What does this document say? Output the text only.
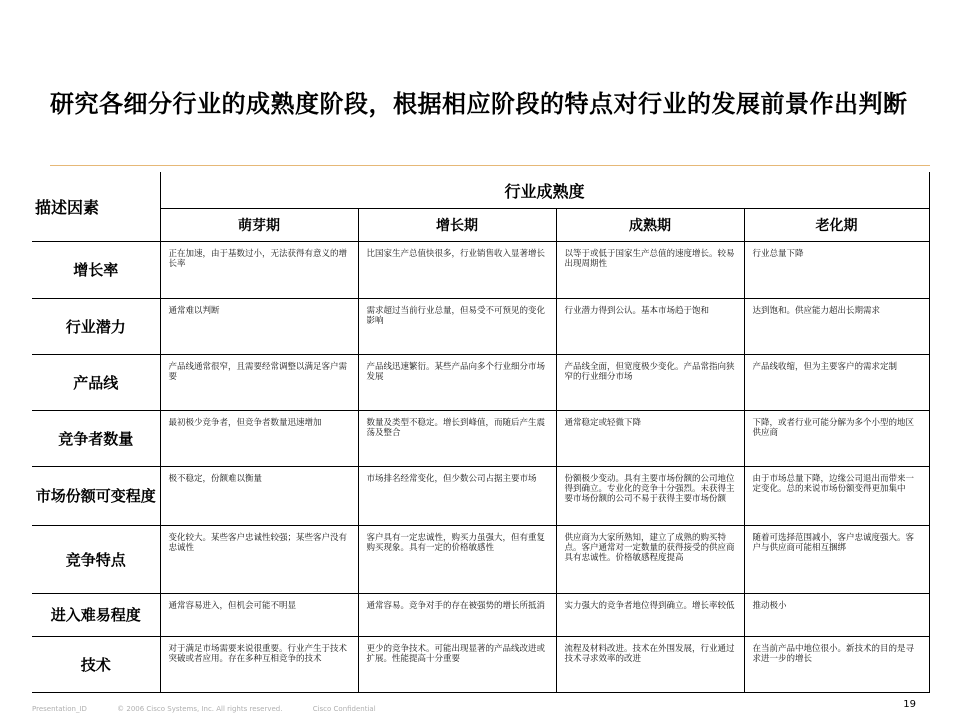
研究各细分行业的成熟度阶段，根据相应阶段的特点对行业的发展前景作出判断
描述因素	行业成熟度			
	萌芽期	增长期	成熟期	老化期
增长率	正在加速，由于基数过小，无法获得有意义的增长率	比国家生产总值快很多，行业销售收入显著增长	以等于或低于国家生产总值的速度增长。较易出现周期性	行业总量下降
行业潜力	通常难以判断	需求超过当前行业总量，但易受不可预见的变化影响	行业潜力得到公认。基本市场趋于饱和	达到饱和。供应能力超出长期需求
产品线	产品线通常很窄，且需要经常调整以满足客户需要	产品线迅速繁衍。某些产品向多个行业细分市场发展	产品线全面，但宽度极少变化。产品常指向狭窄的行业细分市场	产品线收缩，但为主要客户的需求定制
竞争者数量	最初极少竞争者，但竞争者数量迅速增加	数量及类型不稳定。增长到峰值，而随后产生震荡及整合	通常稳定或轻微下降	下降，或者行业可能分解为多个小型的地区供应商
市场份额可变程度	极不稳定，份额难以衡量	市场排名经常变化，但少数公司占据主要市场	份额极少变动。具有主要市场份额的公司地位得到确立。专业化的竞争十分强烈。未获得主要市场份额的公司不易于获得主要市场份额	由于市场总量下降，边缘公司退出而带来一定变化。总的来说市场份额变得更加集中
竞争特点	变化较大。某些客户忠诚性较强；某些客户没有忠诚性	客户具有一定忠诚性，购买力虽强大，但有重复购买现象。具有一定的价格敏感性	供应商为大家所熟知，建立了成熟的购买特点。客户通常对一定数量的获得接受的供应商具有忠诚性。价格敏感程度提高	随着可选择范围减小，客户忠诚度强大。客户与供应商可能相互捆绑
进入难易程度	通常容易进入，但机会可能不明显	通常容易。竞争对手的存在被强势的增长所抵消	实力强大的竞争者地位得到确立。增长率较低	推动极小
技术	对于满足市场需要来说很重要。行业产生于技术突破或者应用。存在多种互相竞争的技术	更少的竞争技术。可能出现显著的产品线改进或扩展。性能提高十分重要	流程及材料改进。技术在外围发展，行业通过技术寻求效率的改进	在当前产品中地位很小。新技术的目的是寻求进一步的增长
19
Presentation_ID	© 2006 Cisco Systems, Inc. All rights reserved.	Cisco Confidential
